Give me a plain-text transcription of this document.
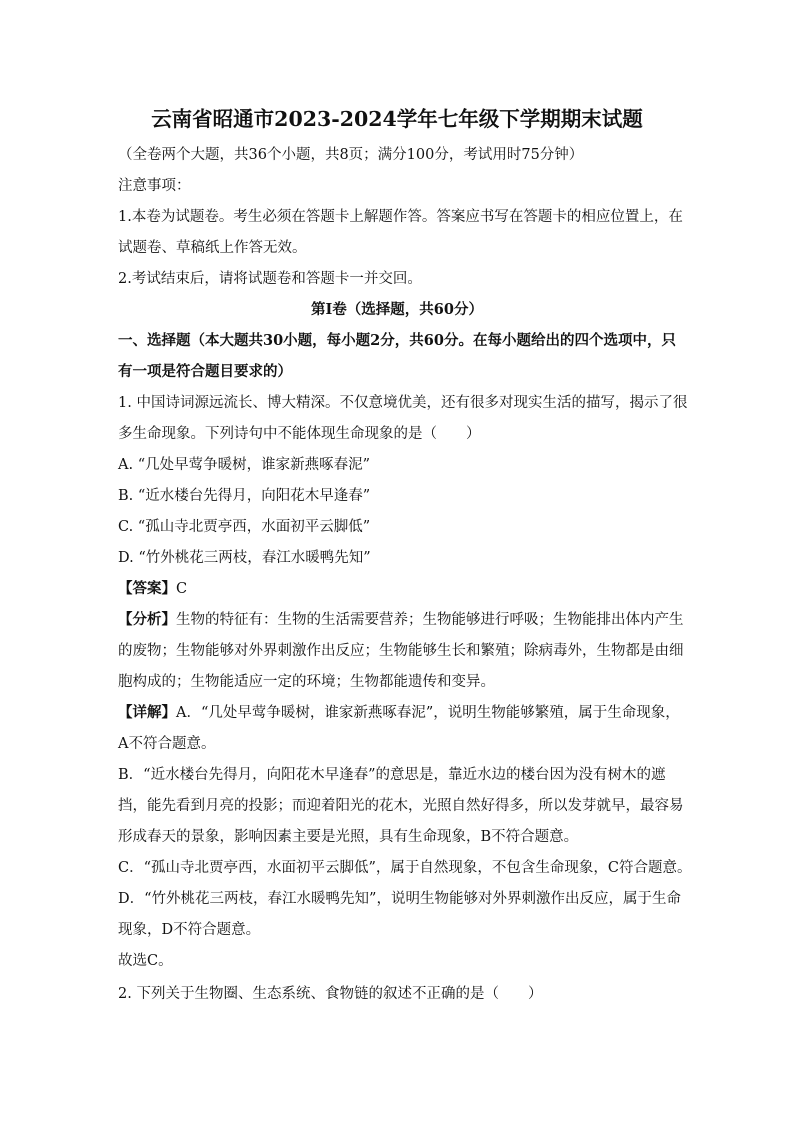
云南省昭通市2023-2024学年七年级下学期期末试题
（全卷两个大题，共36个小题，共8页；满分100分，考试用时75分钟）
注意事项：
1.本卷为试题卷。考生必须在答题卡上解题作答。答案应书写在答题卡的相应位置上，在
试题卷、草稿纸上作答无效。
2.考试结束后，请将试题卷和答题卡一并交回。
第Ⅰ卷（选择题，共60分）
一、选择题（本大题共30小题，每小题2分，共60分。在每小题给出的四个选项中，只
有一项是符合题目要求的）
1. 中国诗词源远流长、博大精深。不仅意境优美，还有很多对现实生活的描写，揭示了很
多生命现象。下列诗句中不能体现生命现象的是（　　）
A. “几处早莺争暖树，谁家新燕啄春泥”
B. “近水楼台先得月，向阳花木早逢春”
C. “孤山寺北贾亭西，水面初平云脚低”
D. “竹外桃花三两枝，春江水暖鸭先知”
【答案】C
【分析】生物的特征有：生物的生活需要营养；生物能够进行呼吸；生物能排出体内产生
的废物；生物能够对外界刺激作出反应；生物能够生长和繁殖；除病毒外，生物都是由细
胞构成的；生物能适应一定的环境；生物都能遗传和变异。
【详解】A．“几处早莺争暖树，谁家新燕啄春泥”，说明生物能够繁殖，属于生命现象，
A不符合题意。
B．“近水楼台先得月，向阳花木早逢春”的意思是，靠近水边的楼台因为没有树木的遮
挡，能先看到月亮的投影；而迎着阳光的花木，光照自然好得多，所以发芽就早，最容易
形成春天的景象，影响因素主要是光照，具有生命现象，B不符合题意。
C．“孤山寺北贾亭西，水面初平云脚低”，属于自然现象，不包含生命现象，C符合题意。
D．“竹外桃花三两枝，春江水暖鸭先知”，说明生物能够对外界刺激作出反应，属于生命
现象，D不符合题意。
故选C。
2. 下列关于生物圈、生态系统、食物链的叙述不正确的是（　　）
